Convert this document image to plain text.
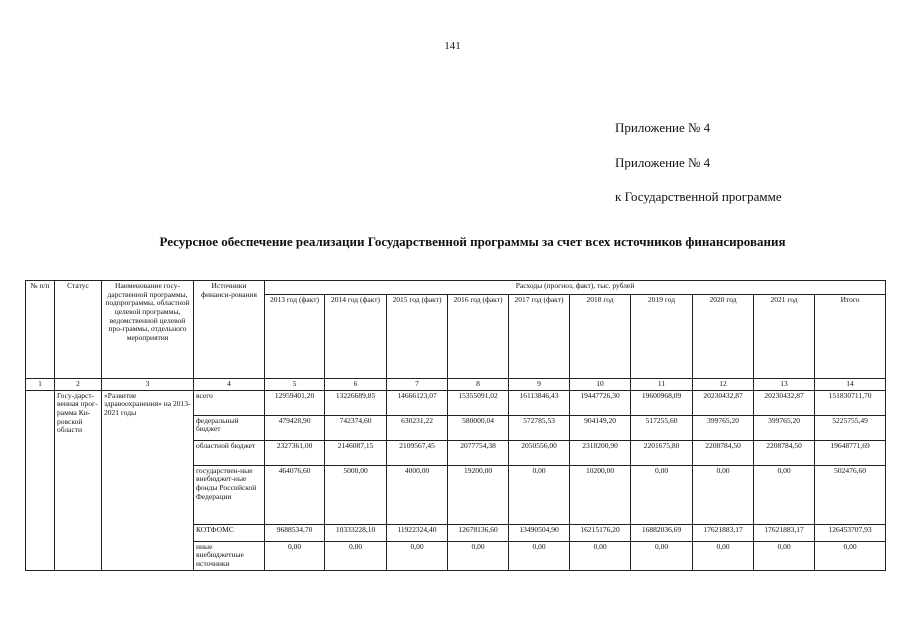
141
Приложение № 4
Приложение № 4
к Государственной программе
Ресурсное обеспечение реализации Государственной программы за счет всех источников финансирования
№ п/п	Статус	Наименование госу-дарственной программы, подпрограммы, областной целевой программы, ведомственной целевой про-граммы, отдельного мероприятия	Источники финанси-рования	Расходы (прогноз, факт), тыс. рублей									
				2013 год (факт)	2014 год (факт)	2015 год (факт)	2016 год (факт)	2017 год (факт)	2018 год	2019 год	2020 год	2021 год	Итого
1	2	3	4	5	6	7	8	9	10	11	12	13	14
	Госу-дарст-венная прог-рамма Ки-ровской области	«Развитие здравоохранения» на 2013-2021 годы	всего	12959401,20	13226689,85	14666123,07	15355091,02	16113846,43	19447726,30	19600968,09	20230432,87	20230432,87	151830711,70
			федеральный бюджет	479428,90	742374,60	630231,22	580000,04	572785,53	904149,20	517255,60	399765,20	399765,20	5225755,49
			областной бюджет	2327361,00	2146087,15	2109567,45	2077754,38	2050556,00	2318200,90	2201675,80	2208784,50	2208784,50	19648771,69
			государствен-ные внебюджет-ные фонды Российской Федерации	464076,60	5000,00	4000,00	19200,00	0,00	10200,00	0,00	0,00	0,00	502476,60
			КОТФОМС	9688534,70	10333228,10	11922324,40	12678136,60	13490504,90	16215176,20	16882036,69	17621883,17	17621883,17	126453707,93
			иные внебюджетные источники	0,00	0,00	0,00	0,00	0,00	0,00	0,00	0,00	0,00	0,00
